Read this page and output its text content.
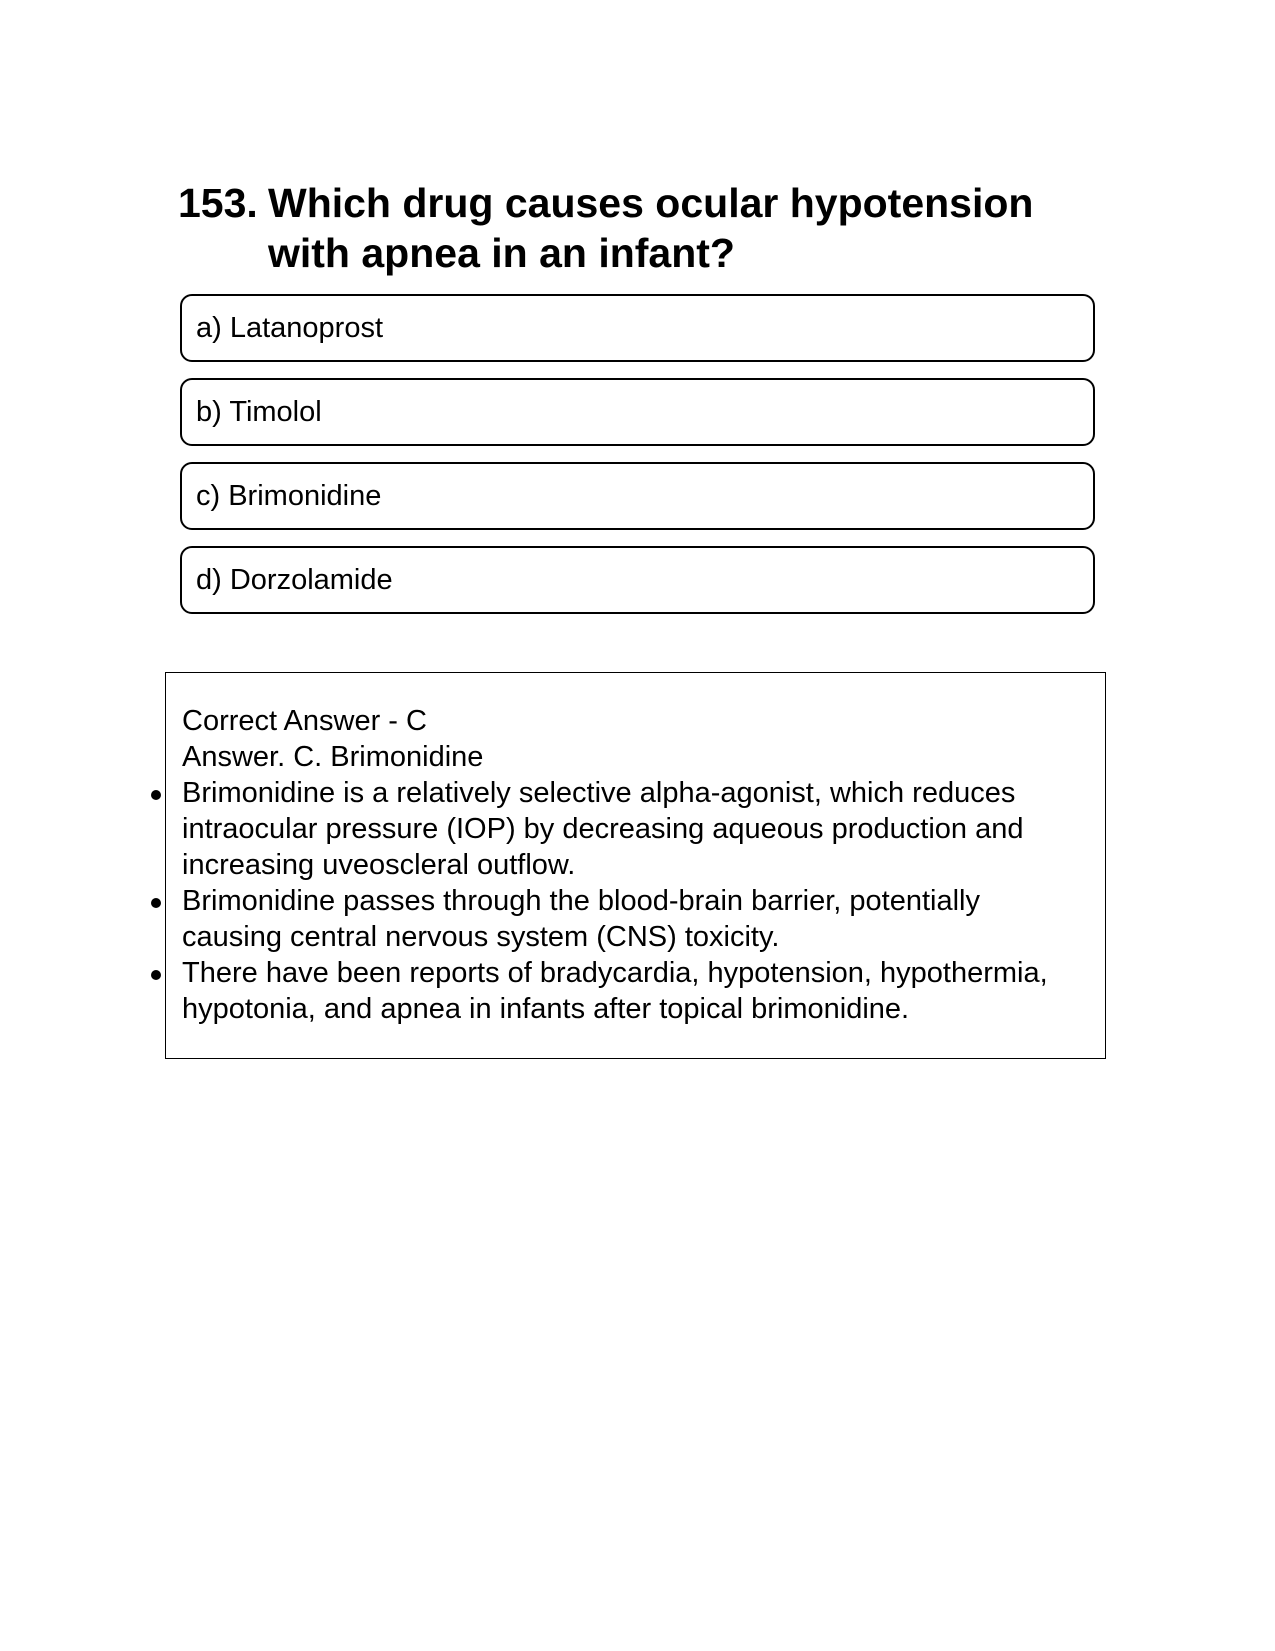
153. Which drug causes ocular hypotension with apnea in an infant?
a) Latanoprost
b) Timolol
c) Brimonidine
d) Dorzolamide

Correct Answer - C

Answer. C. Brimonidine

Brimonidine is a relatively selective alpha-agonist, which reduces intraocular pressure (IOP) by decreasing aqueous production and increasing uveoscleral outflow.
Brimonidine passes through the blood-brain barrier, potentially causing central nervous system (CNS) toxicity.
There have been reports of bradycardia, hypotension, hypothermia, hypotonia, and apnea in infants after topical brimonidine.
